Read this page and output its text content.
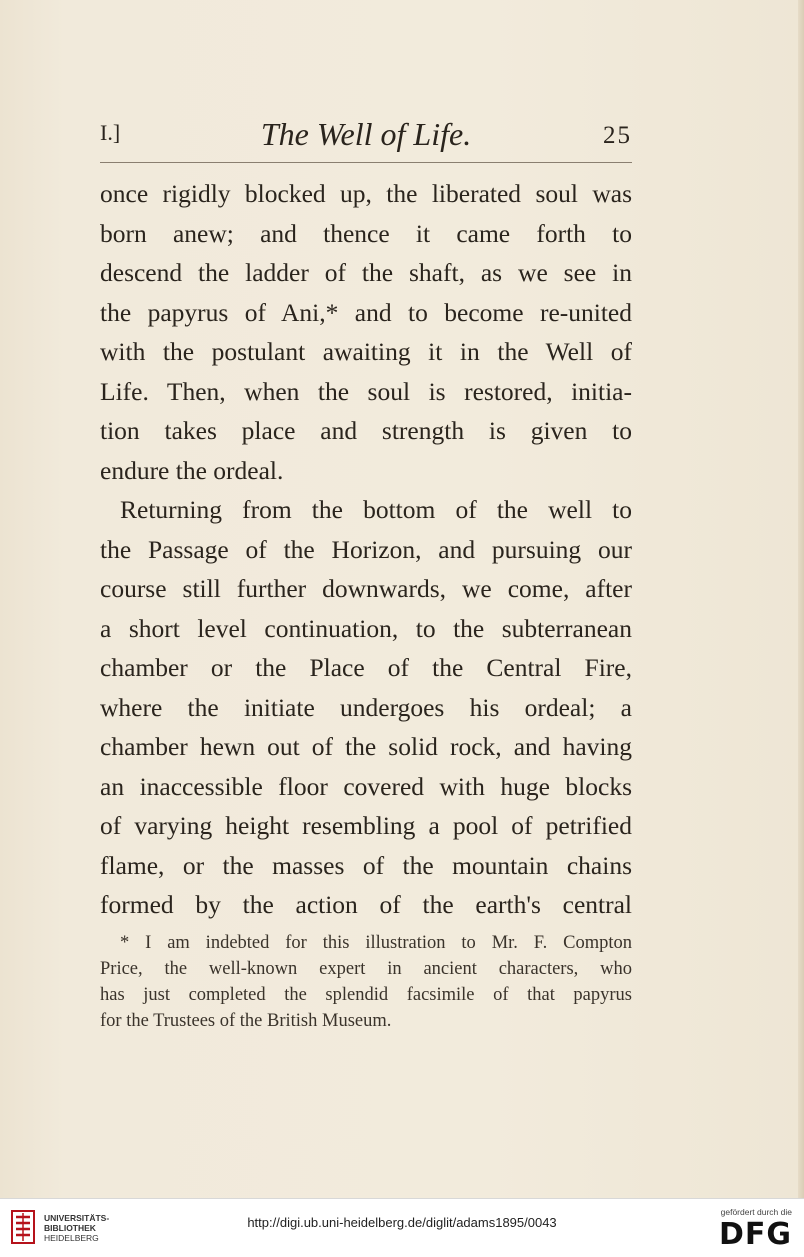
I.]	The Well of Life.	25

once rigidly blocked up, the liberated soul was
born anew; and thence it came forth to
descend the ladder of the shaft, as we see in
the papyrus of Ani,* and to become re-united
with the postulant awaiting it in the Well of
Life. Then, when the soul is restored, initia-
tion takes place and strength is given to
endure the ordeal.

Returning from the bottom of the well to
the Passage of the Horizon, and pursuing our
course still further downwards, we come, after
a short level continuation, to the subterranean
chamber or the Place of the Central Fire,
where the initiate undergoes his ordeal; a
chamber hewn out of the solid rock, and having
an inaccessible floor covered with huge blocks
of varying height resembling a pool of petrified
flame, or the masses of the mountain chains
formed by the action of the earth's central

* I am indebted for this illustration to Mr. F. Compton
Price, the well-known expert in ancient characters, who
has just completed the splendid facsimile of that papyrus
for the Trustees of the British Museum.
UNIVERSITÄTS-
BIBLIOTHEK
HEIDELBERG
http://digi.ub.uni-heidelberg.de/diglit/adams1895/0043
gefördert durch die
DFG
